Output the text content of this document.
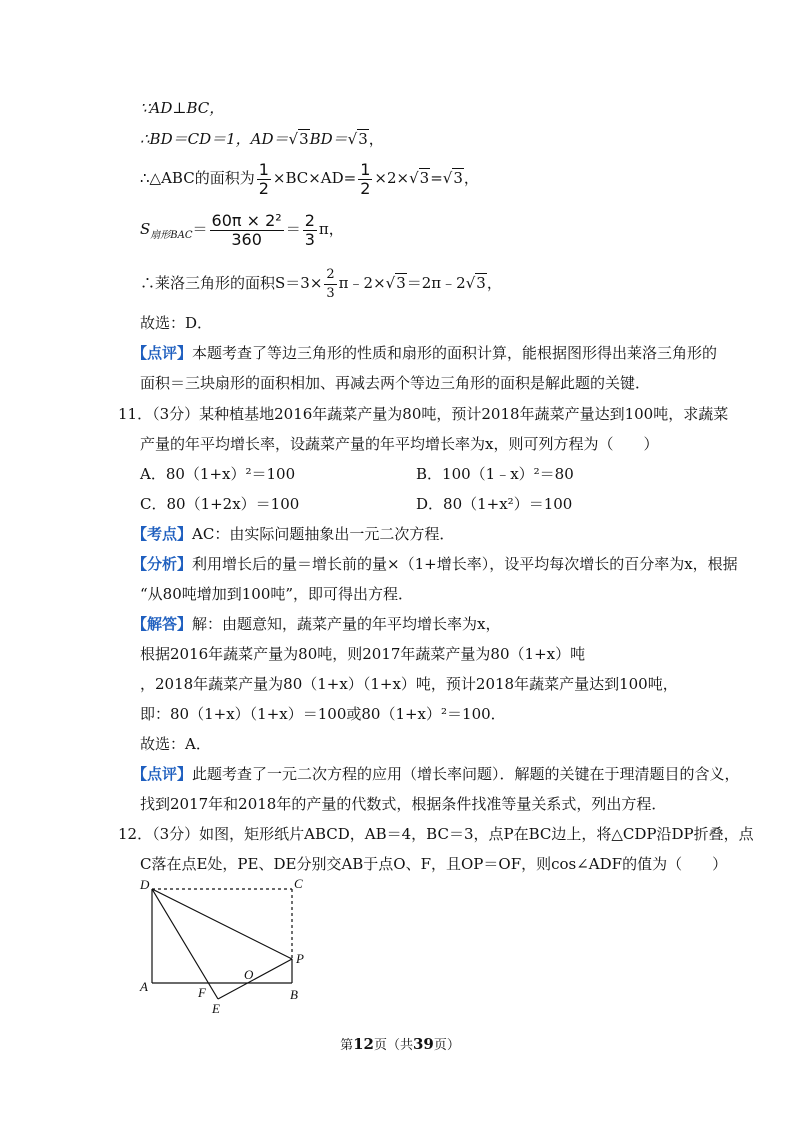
∵AD⊥BC，
∴BD＝CD＝1，AD＝√3BD＝√3，
∴△ABC的面积为 $\frac{1}{2} \times BC\times AD= \frac{1}{2} \times 2\times√3=√3$，
$S_{扇形BAC}= \frac{\text{60π × 2²}}{360} = \frac{2}{3}$ π，
∴莱洛三角形的面积$S=3\times \frac{2}{3}$ π﹣2×√3＝2π﹣2√3，
故选：D．
【点评】本题考查了等边三角形的性质和扇形的面积计算，能根据图形得出莱洛三角形的
面积＝三块扇形的面积相加、再减去两个等边三角形的面积是解此题的关键．
11．（3分）某种植基地2016年蔬菜产量为80吨，预计2018年蔬菜产量达到100吨，求蔬菜
产量的年平均增长率，设蔬菜产量的年平均增长率为x，则可列方程为（　　）
A．80（1+x）²＝100	B．100（1﹣x）²＝80
C．80（1+2x）＝100	D．80（1+x²）＝100
【考点】AC：由实际问题抽象出一元二次方程．
【分析】利用增长后的量＝增长前的量×（1+增长率），设平均每次增长的百分率为x，根据
“从80吨增加到100吨”，即可得出方程．
【解答】解：由题意知，蔬菜产量的年平均增长率为x，
根据2016年蔬菜产量为80吨，则2017年蔬菜产量为80（1+x）吨
，2018年蔬菜产量为80（1+x）（1+x）吨，预计2018年蔬菜产量达到100吨，
即：80（1+x）（1+x）＝100或80（1+x）²＝100．
故选：A．
【点评】此题考查了一元二次方程的应用（增长率问题）．解题的关键在于理清题目的含义，
找到2017年和2018年的产量的代数式，根据条件找准等量关系式，列出方程．
12．（3分）如图，矩形纸片ABCD，AB＝4，BC＝3，点P在BC边上，将△CDP沿DP折叠，点
C落在点E处，PE、DE分别交AB于点O、F，且OP＝OF，则cos∠ADF的值为（　　）
D	C
P
O
A	F	B
E
第12页（共39页）
